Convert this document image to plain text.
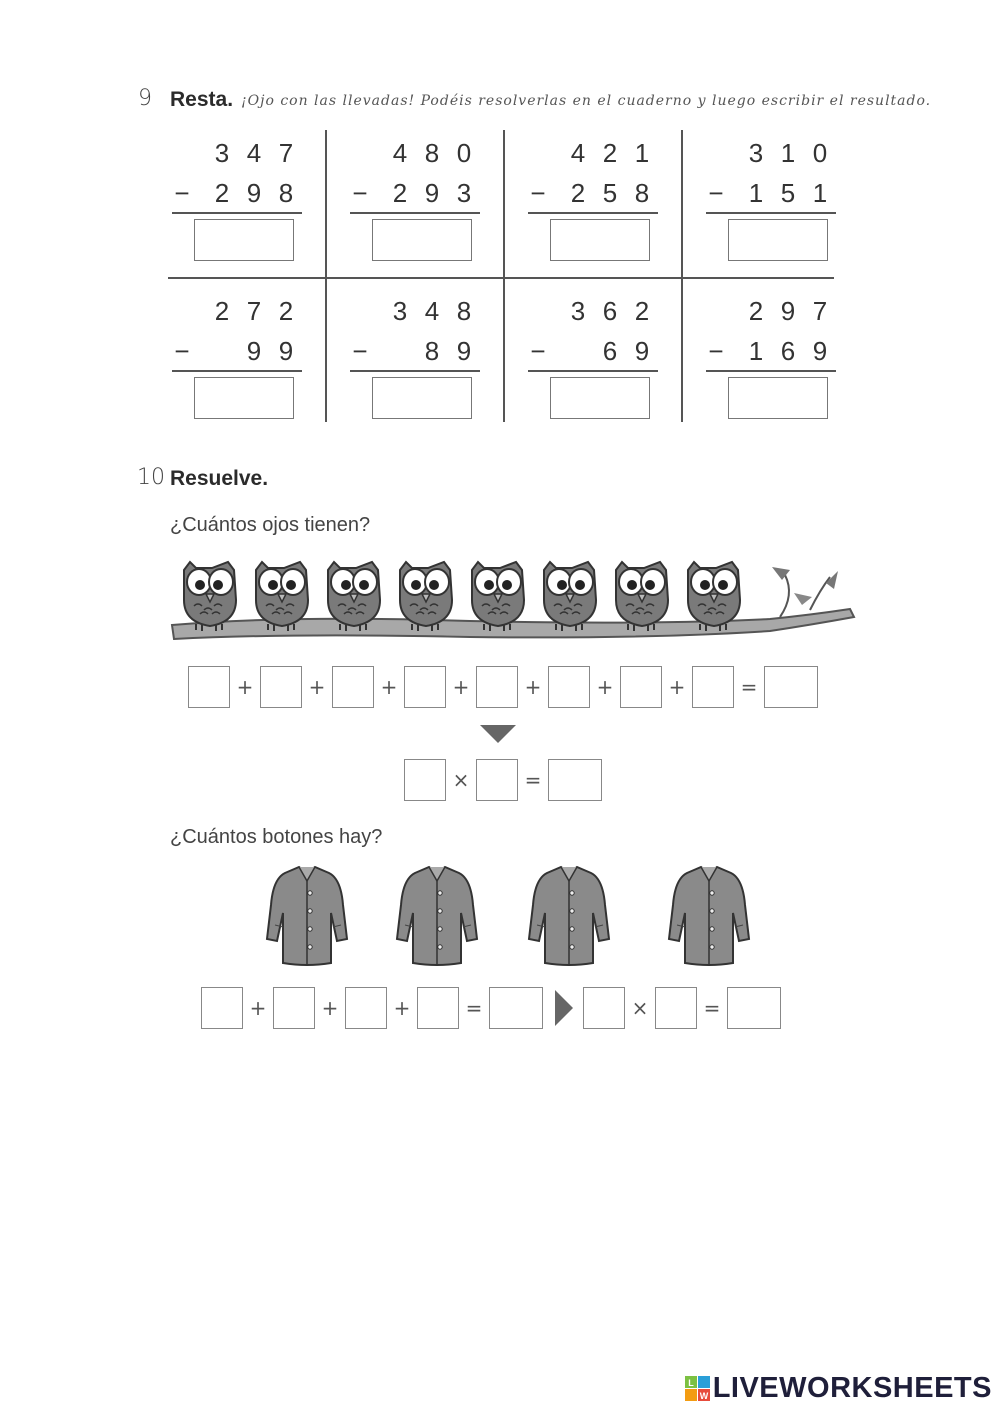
9 Resta. ¡Ojo con las llevadas! Podéis resolverlas en el cuaderno y luego escribir el resultado.
3 4 7
− 2 9 8
4 8 0
− 2 9 3
4 2 1
− 2 5 8
3 1 0
− 1 5 1
2 7 2
−	9 9
3 4 8
−	8 9
3 6 2
−	6 9
2 9 7
− 1 6 9
10 Resuelve.
¿Cuántos ojos tienen?
+	+	+	+	+	+	+	=
×	=
¿Cuántos botones hay?
+	+	+	=	×	=
L
W LIVEWORKSHEETS
